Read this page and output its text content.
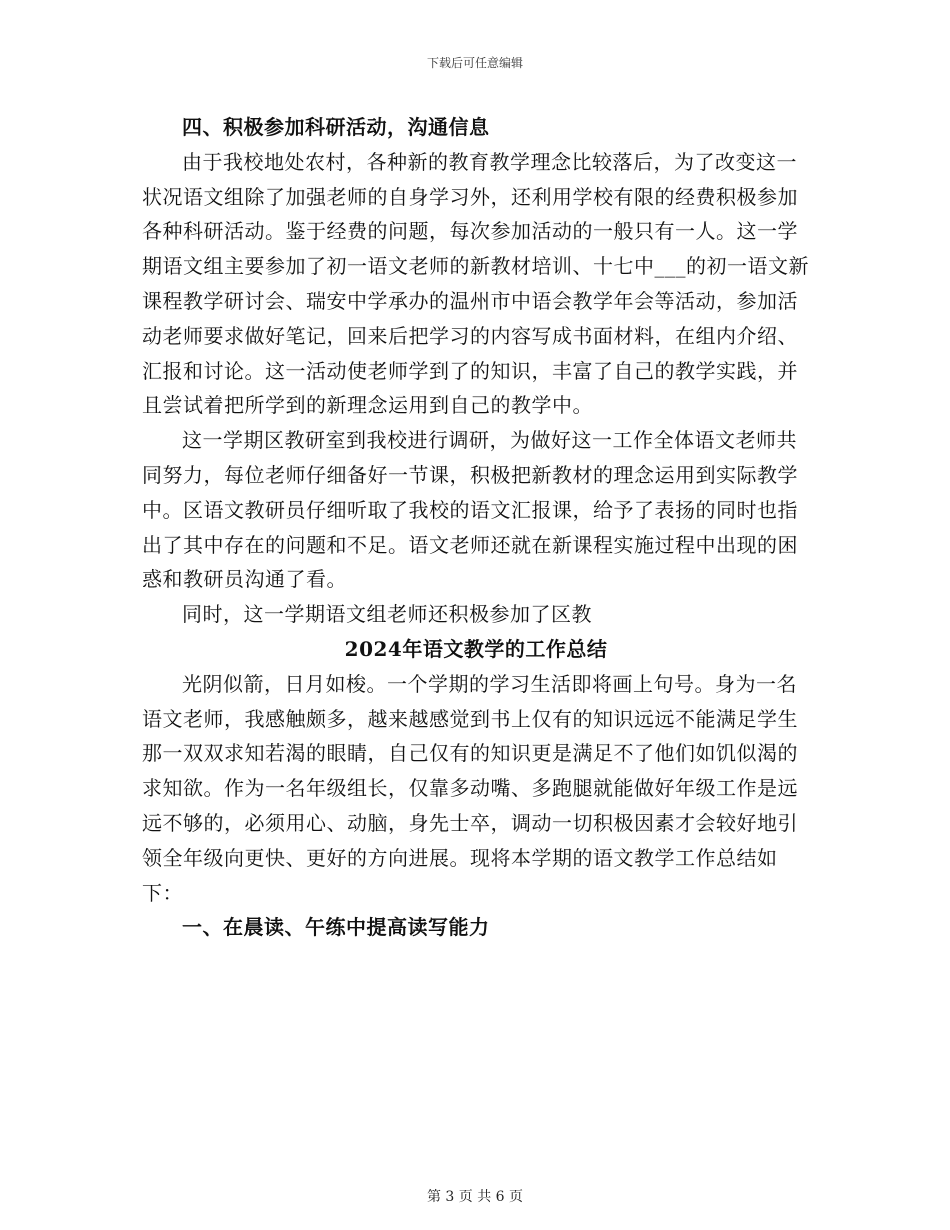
下载后可任意编辑

四、积极参加科研活动，沟通信息

由于我校地处农村，各种新的教育教学理念比较落后，为了改变这一状况语文组除了加强老师的自身学习外，还利用学校有限的经费积极参加各种科研活动。鉴于经费的问题，每次参加活动的一般只有一人。这一学期语文组主要参加了初一语文老师的新教材培训、十七中___的初一语文新课程教学研讨会、瑞安中学承办的温州市中语会教学年会等活动，参加活动老师要求做好笔记，回来后把学习的内容写成书面材料，在组内介绍、汇报和讨论。这一活动使老师学到了的知识，丰富了自己的教学实践，并且尝试着把所学到的新理念运用到自己的教学中。

这一学期区教研室到我校进行调研，为做好这一工作全体语文老师共同努力，每位老师仔细备好一节课，积极把新教材的理念运用到实际教学中。区语文教研员仔细听取了我校的语文汇报课，给予了表扬的同时也指出了其中存在的问题和不足。语文老师还就在新课程实施过程中出现的困惑和教研员沟通了看。

同时，这一学期语文组老师还积极参加了区教

2024年语文教学的工作总结

光阴似箭，日月如梭。一个学期的学习生活即将画上句号。身为一名语文老师，我感触颇多，越来越感觉到书上仅有的知识远远不能满足学生那一双双求知若渴的眼睛，自己仅有的知识更是满足不了他们如饥似渴的求知欲。作为一名年级组长，仅靠多动嘴、多跑腿就能做好年级工作是远远不够的，必须用心、动脑，身先士卒，调动一切积极因素才会较好地引领全年级向更快、更好的方向进展。现将本学期的语文教学工作总结如下：

一、在晨读、午练中提高读写能力

第 3 页 共 6 页
